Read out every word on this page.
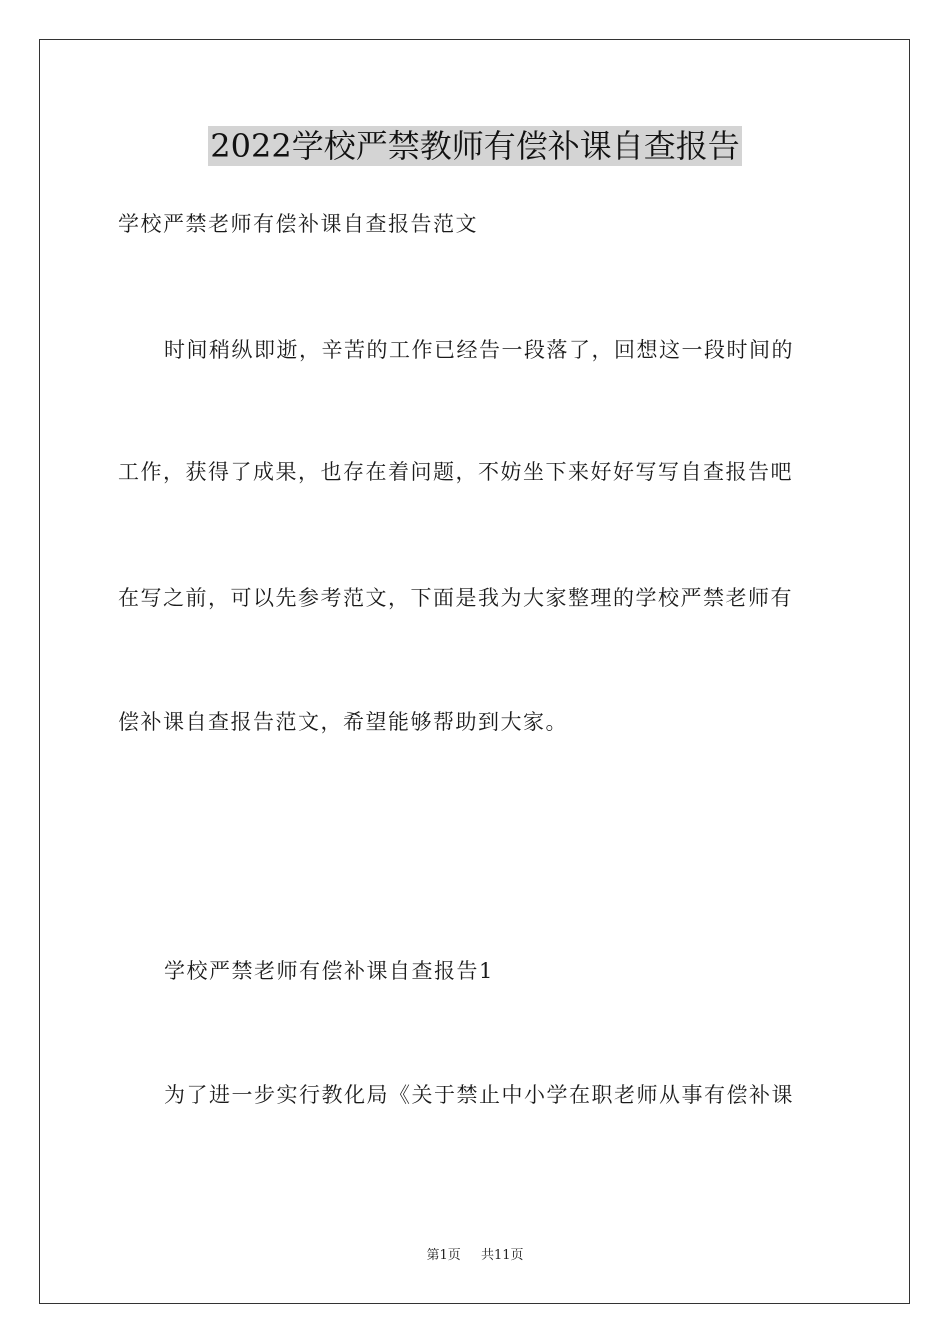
2022学校严禁教师有偿补课自查报告
学校严禁老师有偿补课自查报告范文
时间稍纵即逝，辛苦的工作已经告一段落了，回想这一段时间的
工作，获得了成果，也存在着问题，不妨坐下来好好写写自查报告吧
在写之前，可以先参考范文，下面是我为大家整理的学校严禁老师有
偿补课自查报告范文，希望能够帮助到大家。
学校严禁老师有偿补课自查报告1
为了进一步实行教化局《关于禁止中小学在职老师从事有偿补课
第1页 共11页
